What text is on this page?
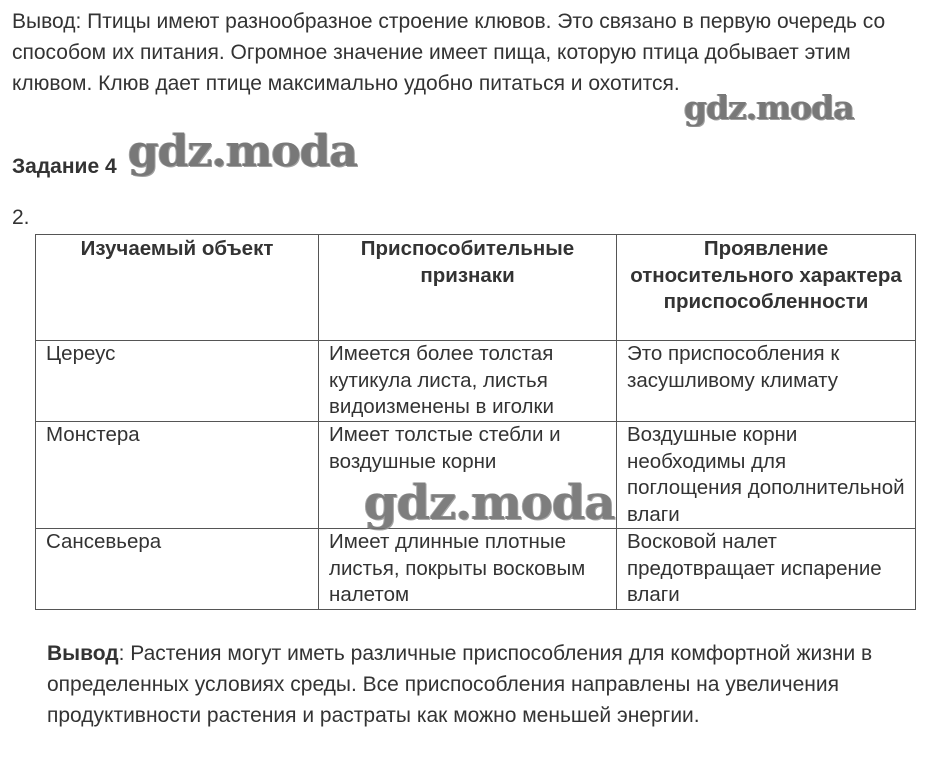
Вывод: Птицы имеют разнообразное строение клювов. Это связано в первую очередь со способом их питания. Огромное значение имеет пища, которую птица добывает этим клювом. Клюв дает птице максимально удобно питаться и охотится.

Задание 4

2.

Изучаемый объект	Приспособительные признаки	Проявление относительного характера приспособленности
Цереус	Имеется более толстая кутикула листа, листья видоизменены в иголки	Это приспособления к засушливому климату
Монстера	Имеет толстые стебли и воздушные корни	Воздушные корни необходимы для поглощения дополнительной влаги
Сансевьера	Имеет длинные плотные листья, покрыты восковым налетом	Восковой налет предотвращает испарение влаги

Вывод: Растения могут иметь различные приспособления для комфортной жизни в определенных условиях среды. Все приспособления направлены на увеличения продуктивности растения и растраты как можно меньшей энергии.

gdz.moda
gdz.moda
gdz.moda
